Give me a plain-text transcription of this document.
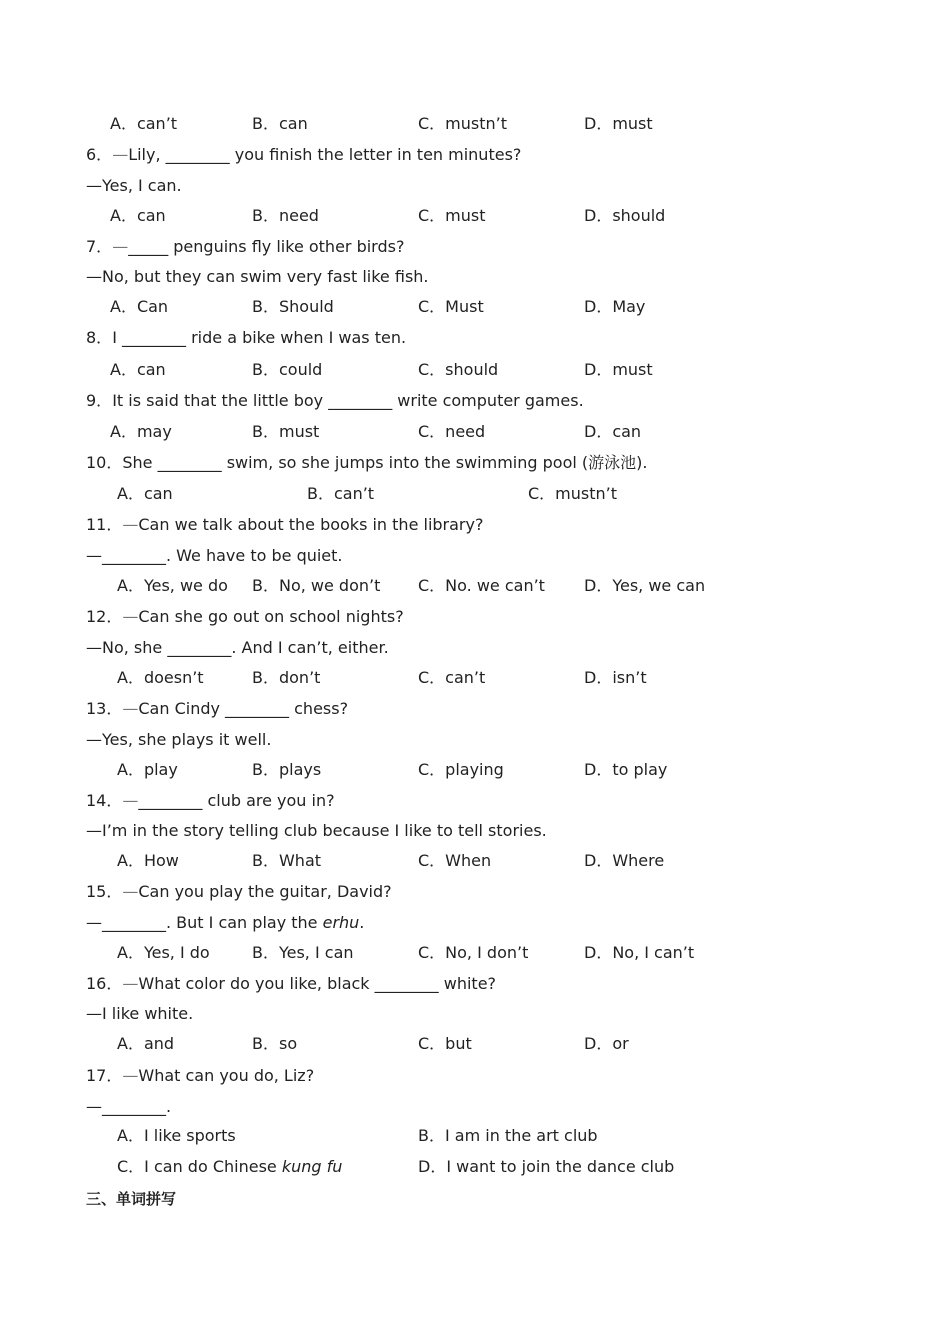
A．can’t	B．can	C．mustn’t	D．must
6．—Lily, ________ you finish the letter in ten minutes?
—Yes, I can.
A．can	B．need	C．must	D．should
7．—_____ penguins fly like other birds?
—No, but they can swim very fast like fish.
A．Can	B．Should	C．Must	D．May
8．I ________ ride a bike when I was ten.
A．can	B．could	C．should	D．must
9．It is said that the little boy ________ write computer games.
A．may	B．must	C．need	D．can
10．She ________ swim, so she jumps into the swimming pool (游泳池).
A．can	B．can’t	C．mustn’t
11．—Can we talk about the books in the library?
—________. We have to be quiet.
A．Yes, we do B．No, we don’t C．No. we can’t D．Yes, we can
12．—Can she go out on school nights?
—No, she ________. And I can’t, either.
A．doesn’t	B．don’t	C．can’t	D．isn’t
13．—Can Cindy ________ chess?
—Yes, she plays it well.
A．play	B．plays	C．playing	D．to play
14．—________ club are you in?
—I’m in the story telling club because I like to tell stories.
A．How	B．What	C．When	D．Where
15．—Can you play the guitar, David?
—________. But I can play the erhu.
A．Yes, I do	B．Yes, I can	C．No, I don’t	D．No, I can’t
16．—What color do you like, black ________ white?
—I like white.
A．and	B．so	C．but	D．or
17．—What can you do, Liz?
—________.
A．I like sports	B．I am in the art club
C．I can do Chinese kung fu	D．I want to join the dance club
三、单词拼写
